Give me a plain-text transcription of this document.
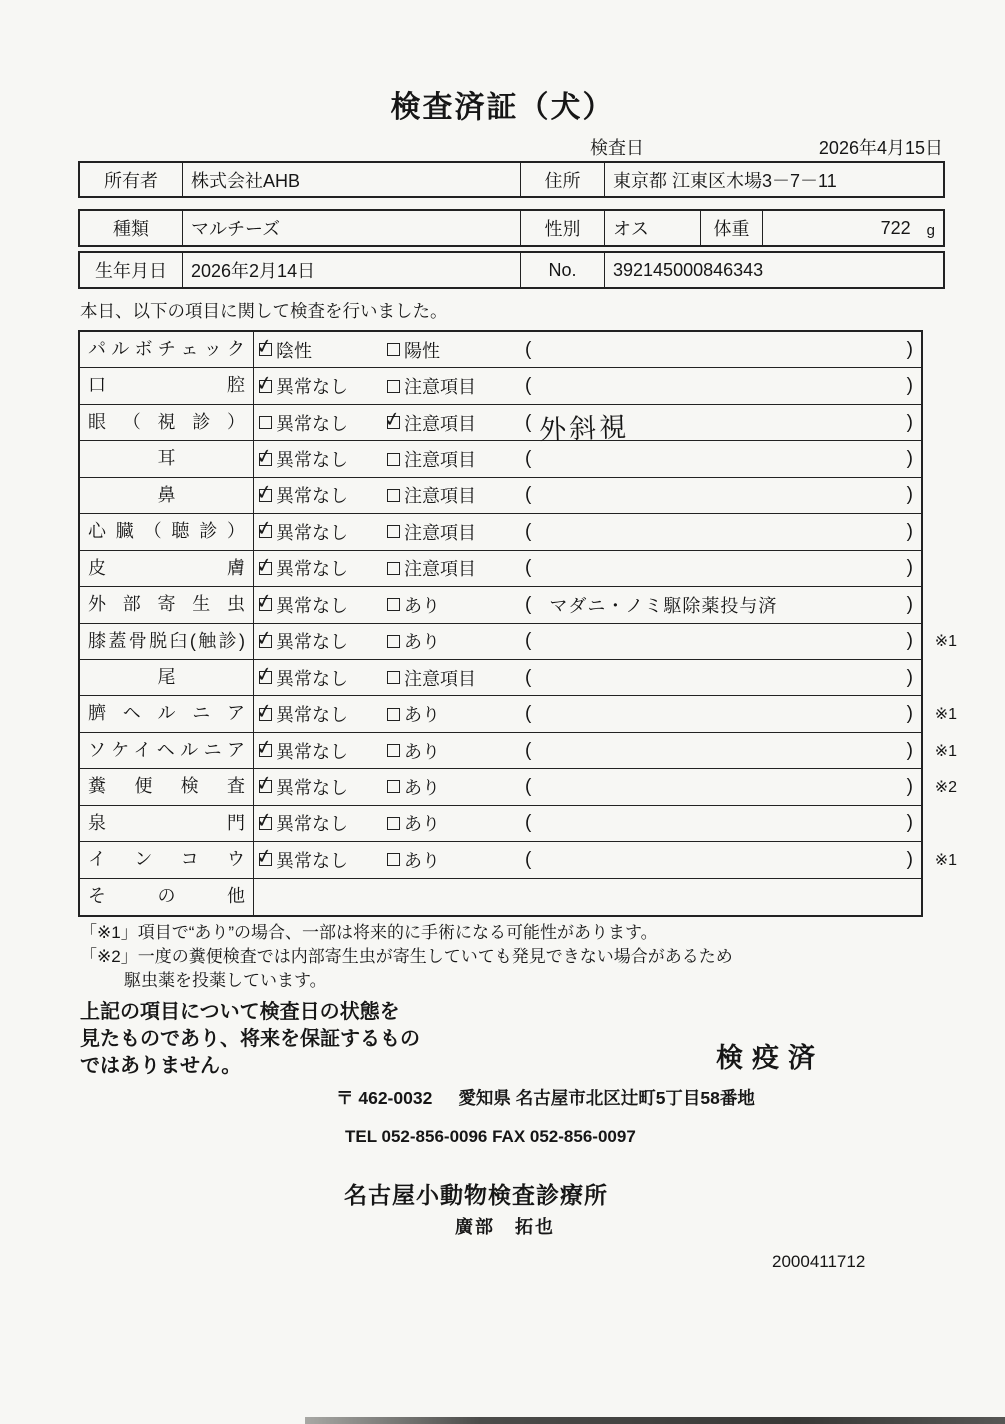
検査済証（犬）
検査日	2026年4月15日
所有者	株式会社AHB	住所	東京都 江東区木場3－7－11
種類	マルチーズ	性別	オス	体重	722 g
生年月日	2026年2月14日	No.	392145000846343
本日、以下の項目に関して検査を行いました。
パルボチェック ✓	陰性	陽性	(	)
口腔 ✓	異常なし	注意項目	(	)
眼（視診）	異常なし ✓	注意項目	( 外斜視	)
耳 ✓	異常なし	注意項目	(	)
鼻 ✓	異常なし	注意項目	(	)
心臓（聴診） ✓	異常なし	注意項目	(	)
皮膚 ✓	異常なし	注意項目	(	)
外部寄生虫 ✓	異常なし	あり	(	マダニ・ノミ駆除薬投与済	)
膝蓋骨脱臼(触診) ✓	異常なし	あり	(	) ※1
尾 ✓	異常なし	注意項目	(	)
臍ヘルニア ✓	異常なし	あり	(	) ※1
ソケイヘルニア ✓	異常なし	あり	(	) ※1
糞便検査 ✓	異常なし	あり	(	) ※2
泉門 ✓	異常なし	あり	(	)
インコウ ✓	異常なし	あり	(	) ※1
その他
「※1」項目で“あり”の場合、一部は将来的に手術になる可能性があります。
「※2」一度の糞便検査では内部寄生虫が寄生していても発見できない場合があるため
駆虫薬を投薬しています。
上記の項目について検査日の状態を
見たものであり、将来を保証するもの
ではありません。	検疫済
〒 462-0032 愛知県 名古屋市北区辻町5丁目58番地
TEL 052-856-0096 FAX 052-856-0097
名古屋小動物検査診療所
廣部　拓也
2000411712
